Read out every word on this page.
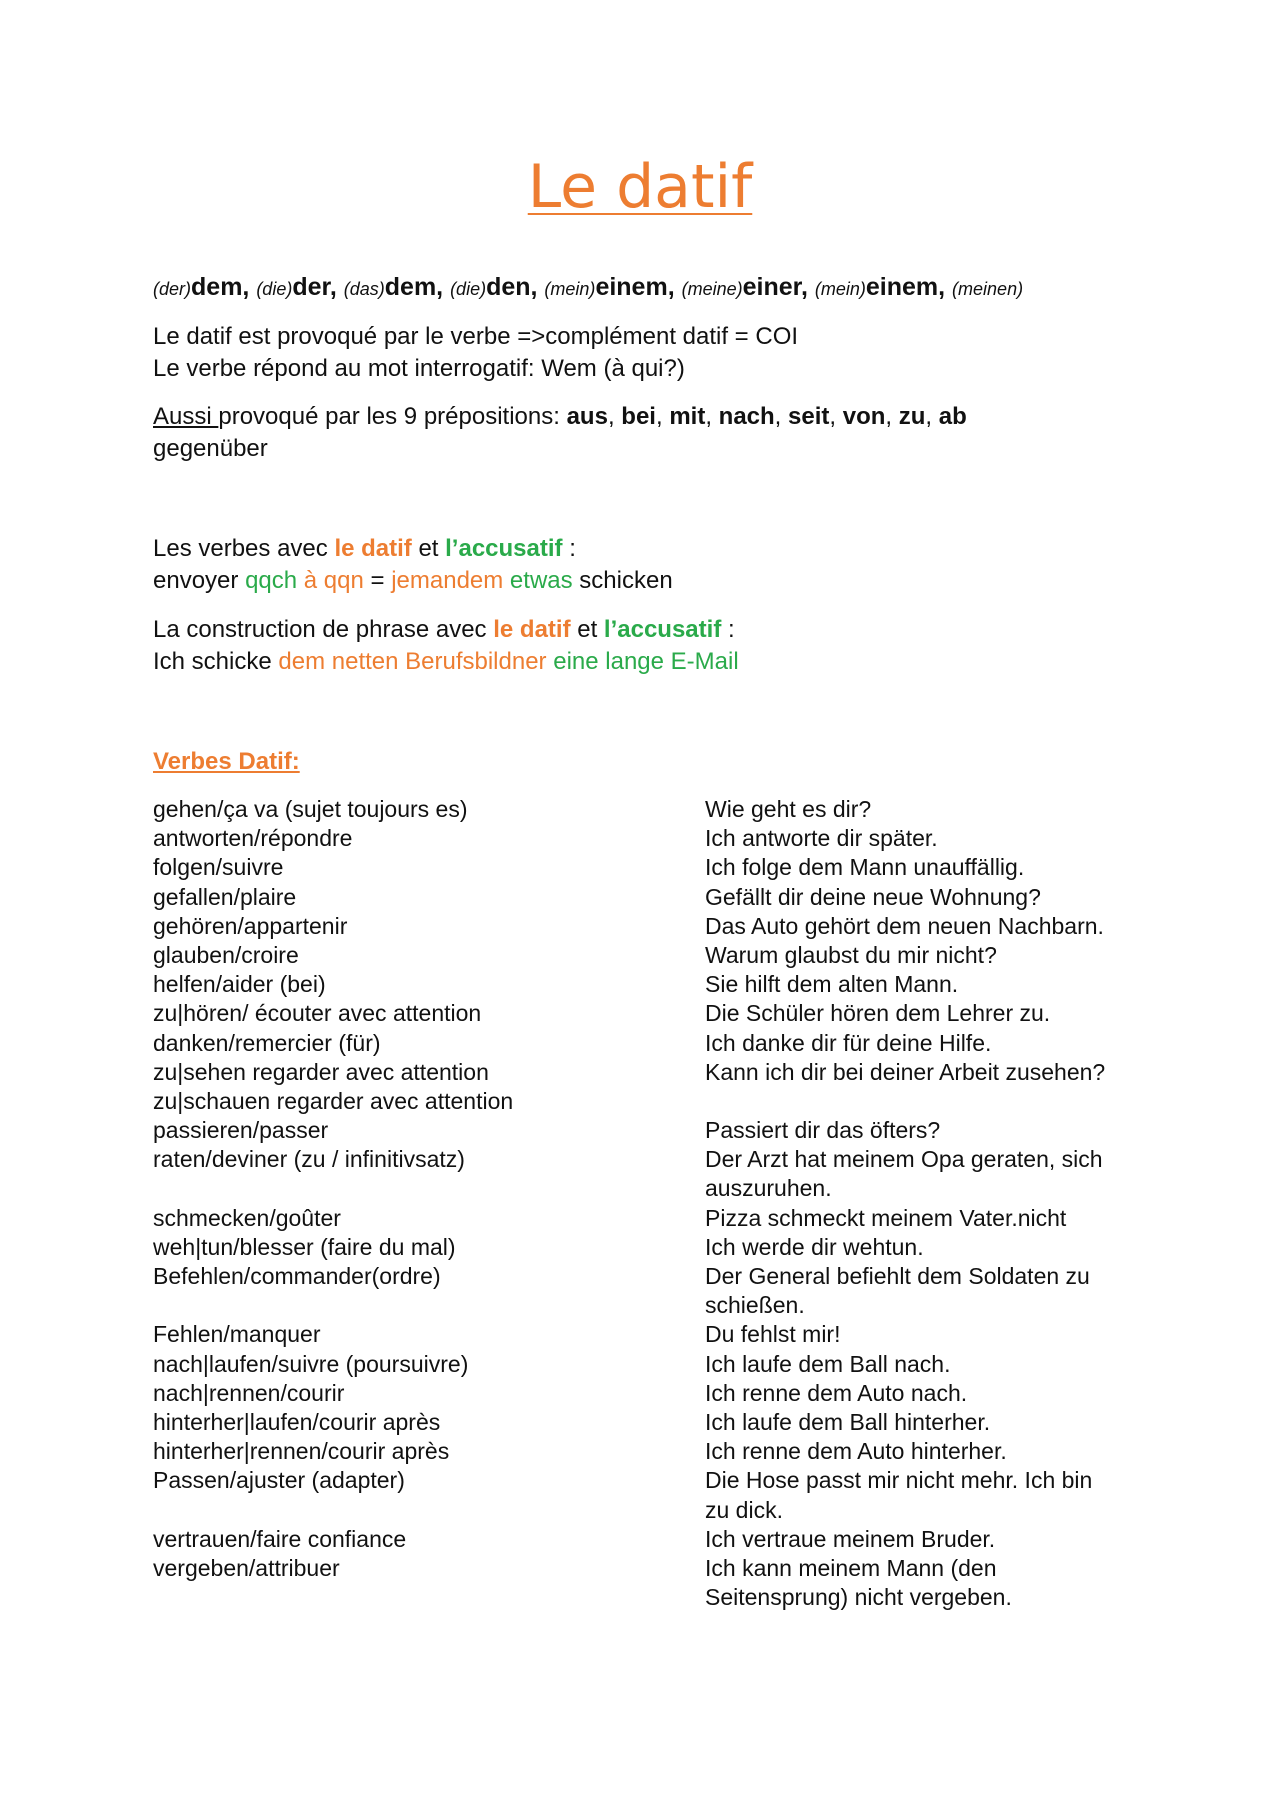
Le datif
(der)dem, (die)der, (das)dem, (die)den, (mein)einem, (meine)einer, (mein)einem, (meinen)
Le datif est provoqué par le verbe =>complément datif = COI
Le verbe répond au mot interrogatif: Wem (à qui?)
Aussi provoqué par les 9 prépositions: aus, bei, mit, nach, seit, von, zu, ab
gegenüber
Les verbes avec le datif et l’accusatif :
envoyer qqch à qqn = jemandem etwas schicken
La construction de phrase avec le datif et l’accusatif :
Ich schicke dem netten Berufsbildner eine lange E-Mail
Verbes Datif:
gehen/ça va (sujet toujours es)
antworten/répondre
folgen/suivre
gefallen/plaire
gehören/appartenir
glauben/croire
helfen/aider (bei)
zu|hören/ écouter avec attention
danken/remercier (für)
zu|sehen regarder avec attention
zu|schauen regarder avec attention
passieren/passer
raten/deviner (zu / infinitivsatz)
schmecken/goûter
weh|tun/blesser (faire du mal)
Befehlen/commander(ordre)
Fehlen/manquer
nach|laufen/suivre (poursuivre)
nach|rennen/courir
hinterher|laufen/courir après
hinterher|rennen/courir après
Passen/ajuster (adapter)
vertrauen/faire confiance
vergeben/attribuer
Wie geht es dir?
Ich antworte dir später.
Ich folge dem Mann unauffällig.
Gefällt dir deine neue Wohnung?
Das Auto gehört dem neuen Nachbarn.
Warum glaubst du mir nicht?
Sie hilft dem alten Mann.
Die Schüler hören dem Lehrer zu.
Ich danke dir für deine Hilfe.
Kann ich dir bei deiner Arbeit zusehen?
Passiert dir das öfters?
Der Arzt hat meinem Opa geraten, sich
auszuruhen.
Pizza schmeckt meinem Vater.nicht
Ich werde dir wehtun.
Der General befiehlt dem Soldaten zu
schießen.
Du fehlst mir!
Ich laufe dem Ball nach.
Ich renne dem Auto nach.
Ich laufe dem Ball hinterher.
Ich renne dem Auto hinterher.
Die Hose passt mir nicht mehr. Ich bin
zu dick.
Ich vertraue meinem Bruder.
Ich kann meinem Mann (den
Seitensprung) nicht vergeben.
